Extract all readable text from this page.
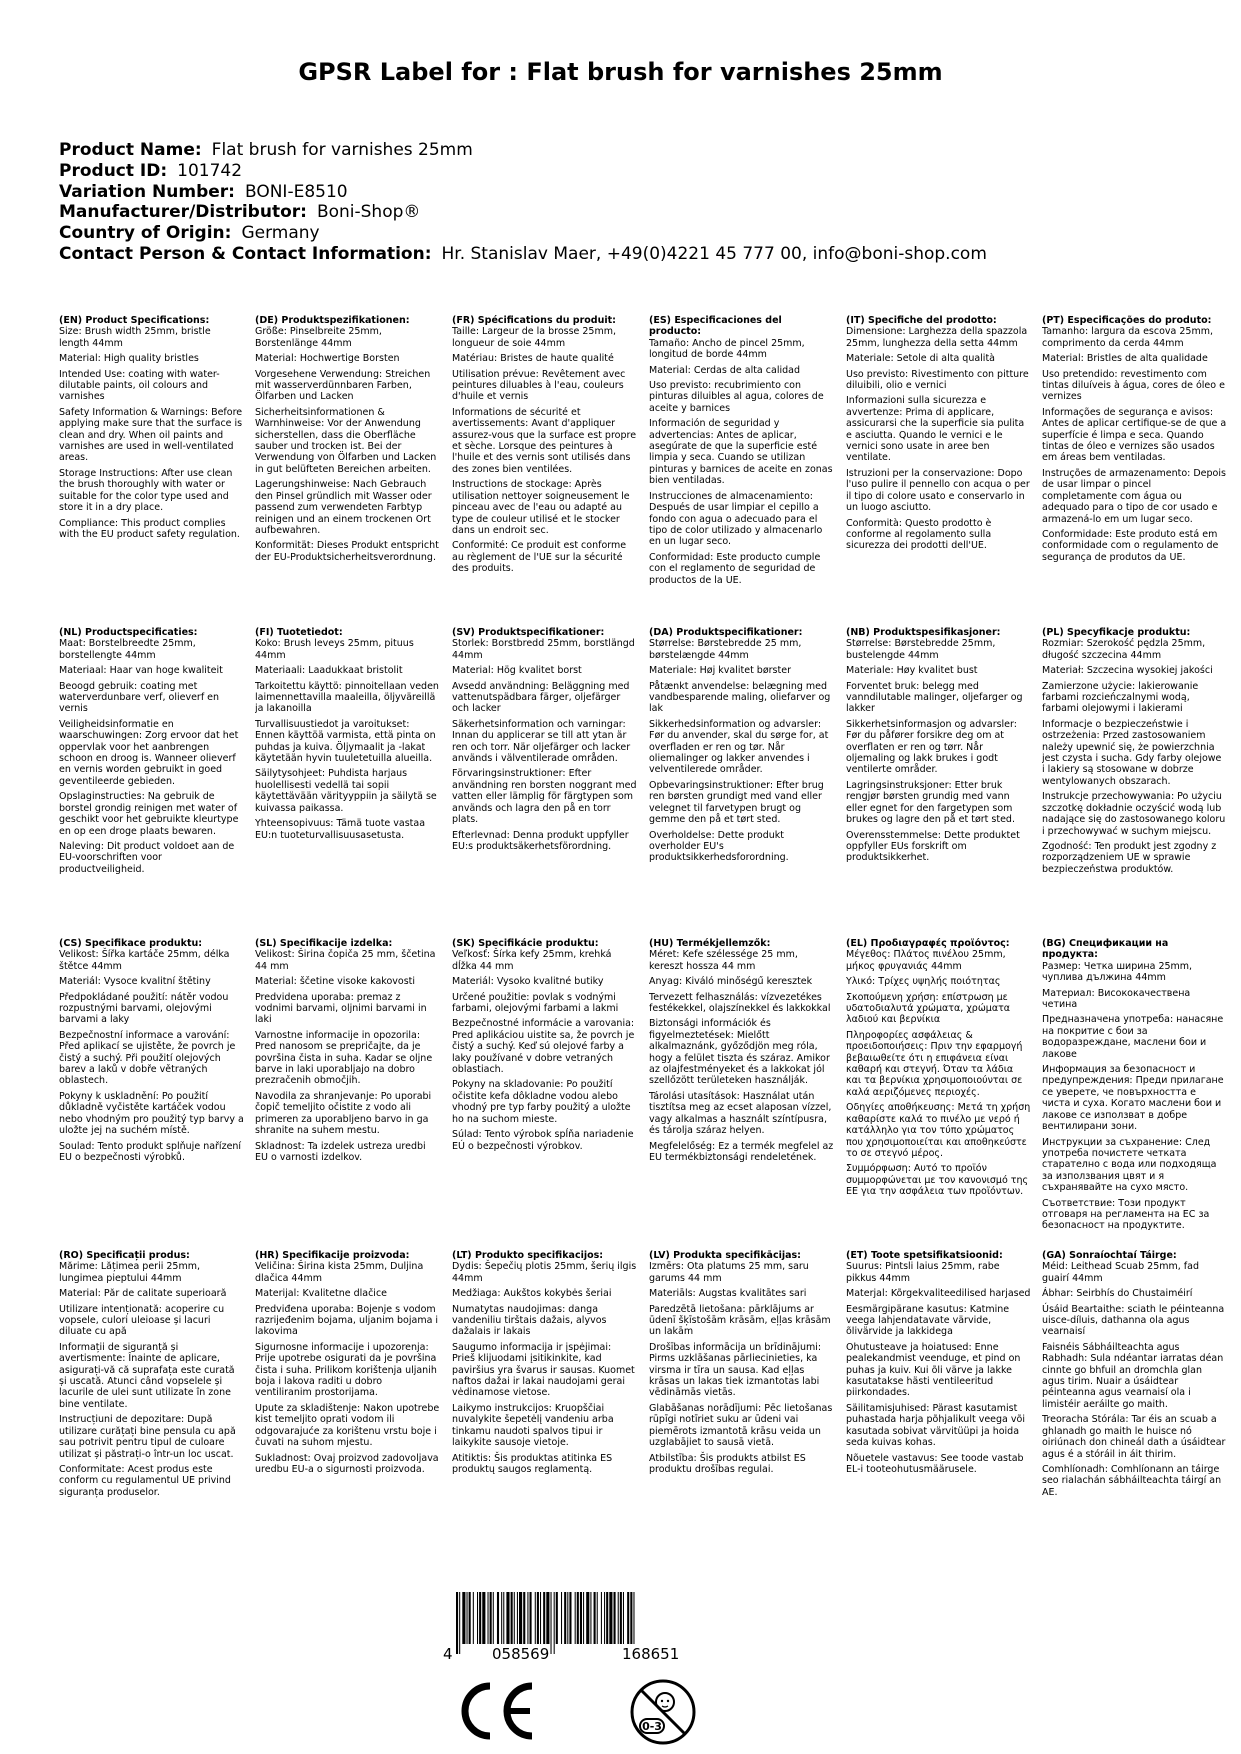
GPSR Label for : Flat brush for varnishes 25mm
Product Name: Flat brush for varnishes 25mm
Product ID: 101742
Variation Number: BONI-E8510
Manufacturer/Distributor: Boni-Shop®
Country of Origin: Germany
Contact Person & Contact Information: Hr. Stanislav Maer, +49(0)4221 45 777 00, info@boni-shop.com
(EN) Product Specifications:

Size: Brush width 25mm, bristle length 44mm

Material: High quality bristles

Intended Use: coating with water-dilutable paints, oil colours and varnishes

Safety Information & Warnings: Before applying make sure that the surface is clean and dry. When oil paints and varnishes are used in well-ventilated areas.

Storage Instructions: After use clean the brush thoroughly with water or suitable for the color type used and store it in a dry place.

Compliance: This product complies with the EU product safety regulation.

(DE) Produktspezifikationen:

Größe: Pinselbreite 25mm, Borstenlänge 44mm

Material: Hochwertige Borsten

Vorgesehene Verwendung: Streichen mit wasserverdünnbaren Farben, Ölfarben und Lacken

Sicherheitsinformationen & Warnhinweise: Vor der Anwendung sicherstellen, dass die Oberfläche sauber und trocken ist. Bei der Verwendung von Ölfarben und Lacken in gut belüfteten Bereichen arbeiten.

Lagerungshinweise: Nach Gebrauch den Pinsel gründlich mit Wasser oder passend zum verwendeten Farbtyp reinigen und an einem trockenen Ort aufbewahren.

Konformität: Dieses Produkt entspricht der EU-Produktsicherheitsverordnung.

(FR) Spécifications du produit:

Taille: Largeur de la brosse 25mm, longueur de soie 44mm

Matériau: Bristes de haute qualité

Utilisation prévue: Revêtement avec peintures diluables à l'eau, couleurs d'huile et vernis

Informations de sécurité et avertissements: Avant d'appliquer assurez-vous que la surface est propre et sèche. Lorsque des peintures à l'huile et des vernis sont utilisés dans des zones bien ventilées.

Instructions de stockage: Après utilisation nettoyer soigneusement le pinceau avec de l'eau ou adapté au type de couleur utilisé et le stocker dans un endroit sec.

Conformité: Ce produit est conforme au règlement de l'UE sur la sécurité des produits.

(ES) Especificaciones del producto:

Tamaño: Ancho de pincel 25mm, longitud de borde 44mm

Material: Cerdas de alta calidad

Uso previsto: recubrimiento con pinturas diluibles al agua, colores de aceite y barnices

Información de seguridad y advertencias: Antes de aplicar, asegúrate de que la superficie esté limpia y seca. Cuando se utilizan pinturas y barnices de aceite en zonas bien ventiladas.

Instrucciones de almacenamiento: Después de usar limpiar el cepillo a fondo con agua o adecuado para el tipo de color utilizado y almacenarlo en un lugar seco.

Conformidad: Este producto cumple con el reglamento de seguridad de productos de la UE.

(IT) Specifiche del prodotto:

Dimensione: Larghezza della spazzola 25mm, lunghezza della setta 44mm

Materiale: Setole di alta qualità

Uso previsto: Rivestimento con pitture diluibili, olio e vernici

Informazioni sulla sicurezza e avvertenze: Prima di applicare, assicurarsi che la superficie sia pulita e asciutta. Quando le vernici e le vernici sono usate in aree ben ventilate.

Istruzioni per la conservazione: Dopo l'uso pulire il pennello con acqua o per il tipo di colore usato e conservarlo in un luogo asciutto.

Conformità: Questo prodotto è conforme al regolamento sulla sicurezza dei prodotti dell'UE.

(PT) Especificações do produto:

Tamanho: largura da escova 25mm, comprimento da cerda 44mm

Material: Bristles de alta qualidade

Uso pretendido: revestimento com tintas diluíveis à água, cores de óleo e vernizes

Informações de segurança e avisos: Antes de aplicar certifique-se de que a superfície é limpa e seca. Quando tintas de óleo e vernizes são usados em áreas bem ventiladas.

Instruções de armazenamento: Depois de usar limpar o pincel completamente com água ou adequado para o tipo de cor usado e armazená-lo em um lugar seco.

Conformidade: Este produto está em conformidade com o regulamento de segurança de produtos da UE.

(NL) Productspecificaties:

Maat: Borstelbreedte 25mm, borstellengte 44mm

Materiaal: Haar van hoge kwaliteit

Beoogd gebruik: coating met waterverdunbare verf, olieverf en vernis

Veiligheidsinformatie en waarschuwingen: Zorg ervoor dat het oppervlak voor het aanbrengen schoon en droog is. Wanneer olieverf en vernis worden gebruikt in goed geventileerde gebieden.

Opslaginstructies: Na gebruik de borstel grondig reinigen met water of geschikt voor het gebruikte kleurtype en op een droge plaats bewaren.

Naleving: Dit product voldoet aan de EU-voorschriften voor productveiligheid.

(FI) Tuotetiedot:

Koko: Brush leveys 25mm, pituus 44mm

Materiaali: Laadukkaat bristolit

Tarkoitettu käyttö: pinnoitellaan veden laimennettavilla maaleilla, öljyväreillä ja lakanoilla

Turvallisuustiedot ja varoitukset: Ennen käyttöä varmista, että pinta on puhdas ja kuiva. Öljymaalit ja -lakat käytetään hyvin tuuletetuilla alueilla.

Säilytysohjeet: Puhdista harjaus huolellisesti vedellä tai sopii käytettävään värityyppiin ja säilytä se kuivassa paikassa.

Yhteensopivuus: Tämä tuote vastaa EU:n tuoteturvallisuusasetusta.

(SV) Produktspecifikationer:

Storlek: Borstbredd 25mm, borstlängd 44mm

Material: Hög kvalitet borst

Avsedd användning: Beläggning med vattenutspädbara färger, oljefärger och lacker

Säkerhetsinformation och varningar: Innan du applicerar se till att ytan är ren och torr. När oljefärger och lacker används i välventilerade områden.

Förvaringsinstruktioner: Efter användning ren borsten noggrant med vatten eller lämplig för färgtypen som används och lagra den på en torr plats.

Efterlevnad: Denna produkt uppfyller EU:s produktsäkerhetsförordning.

(DA) Produktspecifikationer:

Størrelse: Børstebredde 25 mm, børstelængde 44mm

Materiale: Høj kvalitet børster

Påtænkt anvendelse: belægning med vandbesparende maling, oliefarver og lak

Sikkerhedsinformation og advarsler: Før du anvender, skal du sørge for, at overfladen er ren og tør. Når oliemalinger og lakker anvendes i velventilerede områder.

Opbevaringsinstruktioner: Efter brug ren børsten grundigt med vand eller velegnet til farvetypen brugt og gemme den på et tørt sted.

Overholdelse: Dette produkt overholder EU's produktsikkerhedsforordning.

(NB) Produktspesifikasjoner:

Størrelse: Børstebredde 25mm, bustelengde 44mm

Materiale: Høy kvalitet bust

Forventet bruk: belegg med vanndilutable malinger, oljefarger og lakker

Sikkerhetsinformasjon og advarsler: Før du påfører forsikre deg om at overflaten er ren og tørr. Når oljemaling og lakk brukes i godt ventilerte områder.

Lagringsinstruksjoner: Etter bruk rengjør børsten grundig med vann eller egnet for den fargetypen som brukes og lagre den på et tørt sted.

Overensstemmelse: Dette produktet oppfyller EUs forskrift om produktsikkerhet.

(PL) Specyfikacje produktu:

Rozmiar: Szerokość pędzla 25mm, długość szczecina 44mm

Materiał: Szczecina wysokiej jakości

Zamierzone użycie: lakierowanie farbami rozcieńczalnymi wodą, farbami olejowymi i lakierami

Informacje o bezpieczeństwie i ostrzeżenia: Przed zastosowaniem należy upewnić się, że powierzchnia jest czysta i sucha. Gdy farby olejowe i lakiery są stosowane w dobrze wentylowanych obszarach.

Instrukcje przechowywania: Po użyciu szczotkę dokładnie oczyścić wodą lub nadające się do zastosowanego koloru i przechowywać w suchym miejscu.

Zgodność: Ten produkt jest zgodny z rozporządzeniem UE w sprawie bezpieczeństwa produktów.

(CS) Specifikace produktu:

Velikost: Šířka kartáče 25mm, délka štětce 44mm

Materiál: Vysoce kvalitní štětiny

Předpokládané použití: nátěr vodou rozpustnými barvami, olejovými barvami a laky

Bezpečnostní informace a varování: Před aplikací se ujistěte, že povrch je čistý a suchý. Při použití olejových barev a laků v dobře větraných oblastech.

Pokyny k uskladnění: Po použití důkladně vyčistěte kartáček vodou nebo vhodným pro použitý typ barvy a uložte jej na suchém místě.

Soulad: Tento produkt splňuje nařízení EU o bezpečnosti výrobků.

(SL) Specifikacije izdelka:

Velikost: Širina čopiča 25 mm, ščetina 44 mm

Material: ščetine visoke kakovosti

Predvidena uporaba: premaz z vodnimi barvami, oljnimi barvami in laki

Varnostne informacije in opozorila: Pred nanosom se prepričajte, da je površina čista in suha. Kadar se oljne barve in laki uporabljajo na dobro prezračenih območjih.

Navodila za shranjevanje: Po uporabi čopič temeljito očistite z vodo ali primeren za uporabljeno barvo in ga shranite na suhem mestu.

Skladnost: Ta izdelek ustreza uredbi EU o varnosti izdelkov.

(SK) Špecifikácie produktu:

Veľkosť: Šírka kefy 25mm, krehká dĺžka 44 mm

Materiál: Vysoko kvalitné butiky

Určené použitie: povlak s vodnými farbami, olejovými farbami a lakmi

Bezpečnostné informácie a varovania: Pred aplikáciou uistite sa, že povrch je čistý a suchý. Keď sú olejové farby a laky používané v dobre vetraných oblastiach.

Pokyny na skladovanie: Po použití očistite kefa dôkladne vodou alebo vhodný pre typ farby použitý a uložte ho na suchom mieste.

Súlad: Tento výrobok spĺňa nariadenie EÚ o bezpečnosti výrobkov.

(HU) Termékjellemzők:

Méret: Kefe szélessége 25 mm, kereszt hossza 44 mm

Anyag: Kiváló minőségű keresztek

Tervezett felhasználás: vízvezetékes festékekkel, olajszínekkel és lakkokkal

Biztonsági információk és figyelmeztetések: Mielőtt alkalmaznánk, győződjön meg róla, hogy a felület tiszta és száraz. Amikor az olajfestményeket és a lakkokat jól szellőzött területeken használják.

Tárolási utasítások: Használat után tisztítsa meg az ecset alaposan vízzel, vagy alkalmas a használt színtípusra, és tárolja száraz helyen.

Megfelelőség: Ez a termék megfelel az EU termékbiztonsági rendeletének.

(EL) Προδιαγραφές προϊόντος:

Μέγεθος: Πλάτος πινέλου 25mm, μήκος φρυγανιάς 44mm

Υλικό: Τρίχες υψηλής ποιότητας

Σκοπούμενη χρήση: επίστρωση με υδατοδιαλυτά χρώματα, χρώματα λαδιού και βερνίκια

Πληροφορίες ασφάλειας & προειδοποιήσεις: Πριν την εφαρμογή βεβαιωθείτε ότι η επιφάνεια είναι καθαρή και στεγνή. Όταν τα λάδια και τα βερνίκια χρησιμοποιούνται σε καλά αεριζόμενες περιοχές.

Οδηγίες αποθήκευσης: Μετά τη χρήση καθαρίστε καλά το πινέλο με νερό ή κατάλληλο για τον τύπο χρώματος που χρησιμοποιείται και αποθηκεύστε το σε στεγνό μέρος.

Συμμόρφωση: Αυτό το προϊόν συμμορφώνεται με τον κανονισμό της ΕΕ για την ασφάλεια των προϊόντων.

(BG) Спецификации на продукта:

Размер: Четка ширина 25mm, чуплива дължина 44mm

Материал: Висококачествена четина

Предназначена употреба: нанасяне на покритие с бои за водоразреждане, маслени бои и лакове

Информация за безопасност и предупреждения: Преди прилагане се уверете, че повърхността е чиста и суха. Когато маслени бои и лакове се използват в добре вентилирани зони.

Инструкции за съхранение: След употреба почистете четката старателно с вода или подходяща за използвания цвят и я съхранявайте на сухо място.

Съответствие: Този продукт отговаря на регламента на ЕС за безопасност на продуктите.

(RO) Specificații produs:

Mărime: Lățimea perii 25mm, lungimea pieptului 44mm

Material: Păr de calitate superioară

Utilizare intenționată: acoperire cu vopsele, culori uleioase și lacuri diluate cu apă

Informații de siguranță și avertismente: Înainte de aplicare, asigurați-vă că suprafața este curată și uscată. Atunci când vopselele și lacurile de ulei sunt utilizate în zone bine ventilate.

Instrucțiuni de depozitare: După utilizare curățați bine pensula cu apă sau potrivit pentru tipul de culoare utilizat și păstrați-o într-un loc uscat.

Conformitate: Acest produs este conform cu regulamentul UE privind siguranța produselor.

(HR) Specifikacije proizvoda:

Veličina: Širina kista 25mm, Duljina dlačica 44mm

Materijal: Kvalitetne dlačice

Predviđena uporaba: Bojenje s vodom razrijeđenim bojama, uljanim bojama i lakovima

Sigurnosne informacije i upozorenja: Prije upotrebe osigurati da je površina čista i suha. Prilikom korištenja uljanih boja i lakova raditi u dobro ventiliranim prostorijama.

Upute za skladištenje: Nakon upotrebe kist temeljito oprati vodom ili odgovarajuće za korištenu vrstu boje i čuvati na suhom mjestu.

Sukladnost: Ovaj proizvod zadovoljava uredbu EU-a o sigurnosti proizvoda.

(LT) Produkto specifikacijos:

Dydis: Šepečių plotis 25mm, šerių ilgis 44mm

Medžiaga: Aukštos kokybės šeriai

Numatytas naudojimas: danga vandeniliu tirštais dažais, alyvos dažalais ir lakais

Saugumo informacija ir įspėjimai: Prieš klijuodami įsitikinkite, kad paviršius yra švarus ir sausas. Kuomet naftos dažai ir lakai naudojami gerai vėdinamose vietose.

Laikymo instrukcijos: Kruopščiai nuvalykite šepetėlį vandeniu arba tinkamu naudoti spalvos tipui ir laikykite sausoje vietoje.

Atitiktis: Šis produktas atitinka ES produktų saugos reglamentą.

(LV) Produkta specifikācijas:

Izmērs: Ota platums 25 mm, saru garums 44 mm

Materiāls: Augstas kvalitātes sari

Paredzētā lietošana: pārklājums ar ūdenī šķīstošām krāsām, eļļas krāsām un lakām

Drošības informācija un brīdinājumi: Pirms uzklāšanas pārliecinieties, ka virsma ir tīra un sausa. Kad eļļas krāsas un lakas tiek izmantotas labi vēdināmās vietās.

Glabāšanas norādījumi: Pēc lietošanas rūpīgi notīriet suku ar ūdeni vai piemērots izmantotā krāsu veida un uzglabājiet to sausā vietā.

Atbilstība: Šis produkts atbilst ES produktu drošības regulai.

(ET) Toote spetsifikatsioonid:

Suurus: Pintsli laius 25mm, rabe pikkus 44mm

Materjal: Kõrgekvaliteedilised harjased

Eesmärgipärane kasutus: Katmine veega lahjendatavate värvide, õlivärvide ja lakkidega

Ohutusteave ja hoiatused: Enne pealekandmist veenduge, et pind on puhas ja kuiv. Kui õli värve ja lakke kasutatakse hästi ventileeritud piirkondades.

Säilitamisjuhised: Pärast kasutamist puhastada harja põhjalikult veega või kasutada sobivat värvitüüpi ja hoida seda kuivas kohas.

Nõuetele vastavus: See toode vastab EL-i tooteohutusmäärusele.

(GA) Sonraíochtaí Táirge:

Méid: Leithead Scuab 25mm, fad guairí 44mm

Ábhar: Seirbhís do Chustaiméirí

Úsáid Beartaithe: sciath le péinteanna uisce-díluis, dathanna ola agus vearnaisí

Faisnéis Sábháilteachta agus Rabhadh: Sula ndéantar iarratas déan cinnte go bhfuil an dromchla glan agus tirim. Nuair a úsáidtear péinteanna agus vearnaisí ola i limistéir aeráilte go maith.

Treoracha Stórála: Tar éis an scuab a ghlanadh go maith le huisce nó oiriúnach don chineál dath a úsáidtear agus é a stóráil in áit thirim.

Comhlíonadh: Comhlíonann an táirge seo rialachán sábháilteachta táirgí an AE.

4	058569	168651
0-3
